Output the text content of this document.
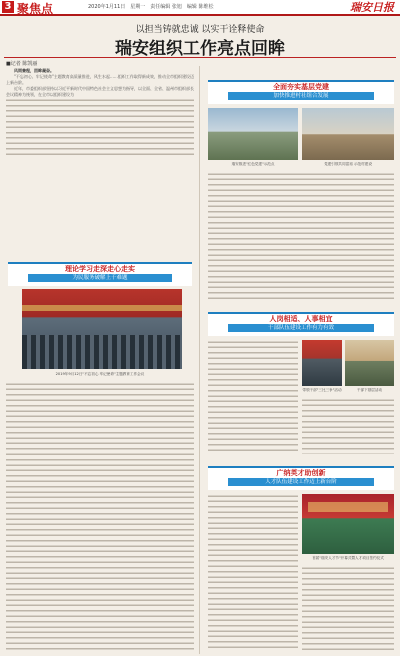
3 聚焦点	2020年1月11日　星期一　责任编辑 张旭　编辑 陈维松	瑞安日报
以担当铸就忠诚 以实干诠释使命
瑞安组织工作亮点回眸
■记者 陈凯丽

风雨兼程，回眸凝奋。

"不忘初心、牢记使命"主题教育高质量推进，风生水起……组织工作取得新成效，推动全市组织建设迈上新台阶。

近年，市委组织部坚持以习近平新时代中国特色社会主义思想为指导，以全面、全省、温州市组织部长会议精神为统领，在全市以组织建设为

理论学习走深走心走实
为民服务破解上千难题
2019年9月12日"不忘初心 牢记使命"主题教育工作会议
全面夯实基层党建
加快推进村社组合发展
瑞安推进"红色党建"示范点	党建引领共同富裕 示范村建设
人岗相适、人事相宜
干部队伍建设工作有力有效
带领干部"三比三争"活动	干部下基层活动
广纳英才助创新
人才队伍建设工作迈上新台阶
首届"瑞安人才节"开幕式暨人才项目签约仪式
